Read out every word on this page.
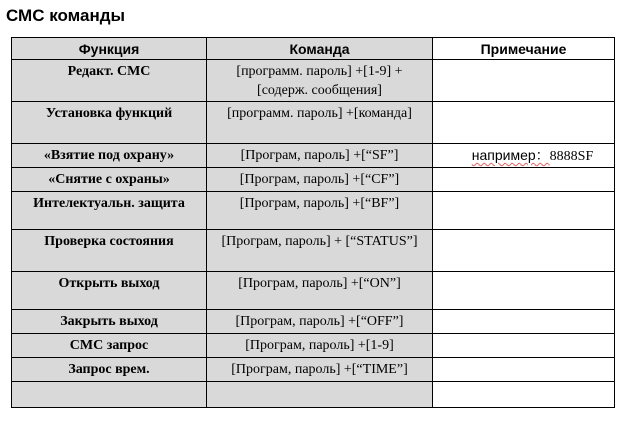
СМС команды
Функция	Команда	Примечание

Редакт. СМС	[программ. пароль] +[1-9] + [содерж. сообщения]	

Установка функций	[программ. пароль] +[команда]	

«Взятие под охрану»	[Програм, пароль] +[“SF”]	например：8888SF

«Снятие с охраны»	[Програм, пароль] +[“CF”]	

Интелектуальн. защита	[Програм, пароль] +[“BF”]	

Проверка состояния	[Програм, пароль] + [“STATUS”]	

Открыть выход	[Програм, пароль] +[“ON”]	

Закрыть выход	[Програм, пароль] +[“OFF”]	

СМС запрос	[Програм, пароль] +[1-9]	

Запрос врем.	[Програм, пароль] +[“TIME”]	
